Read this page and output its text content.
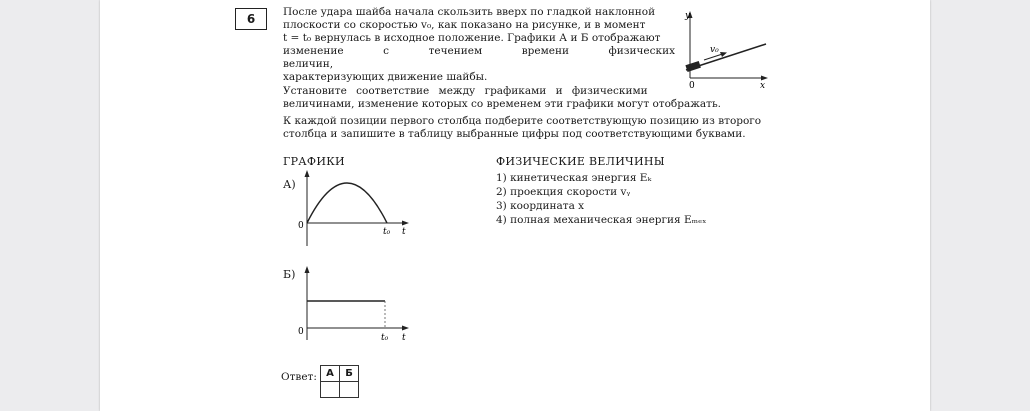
6	После удара шайба начала скользить вверх по гладкой наклонной

плоскости со скоростью v₀, как показано на рисунке, и в момент

t = t₀ вернулась в исходное положение. Графики А и Б отображают

изменение с течением времени физических величин,

характеризующих движение шайбы.

y
x
0
v₀

Установите соответствие между графиками и физическими

величинами, изменение которых со временем эти графики могут отображать.

К каждой позиции первого столбца подберите соответствующую позицию из второго

столбца и запишите в таблицу выбранные цифры под соответствующими буквами.

ГРАФИКИ	ФИЗИЧЕСКИЕ ВЕЛИЧИНЫ
1) кинетическая энергия Eₖ
2) проекция скорости vᵧ
3) координата x
4) полная механическая энергия Eₘₑₓ
А)
0
t₀ t
Б)
0
t₀ t
Ответ: А	Б
